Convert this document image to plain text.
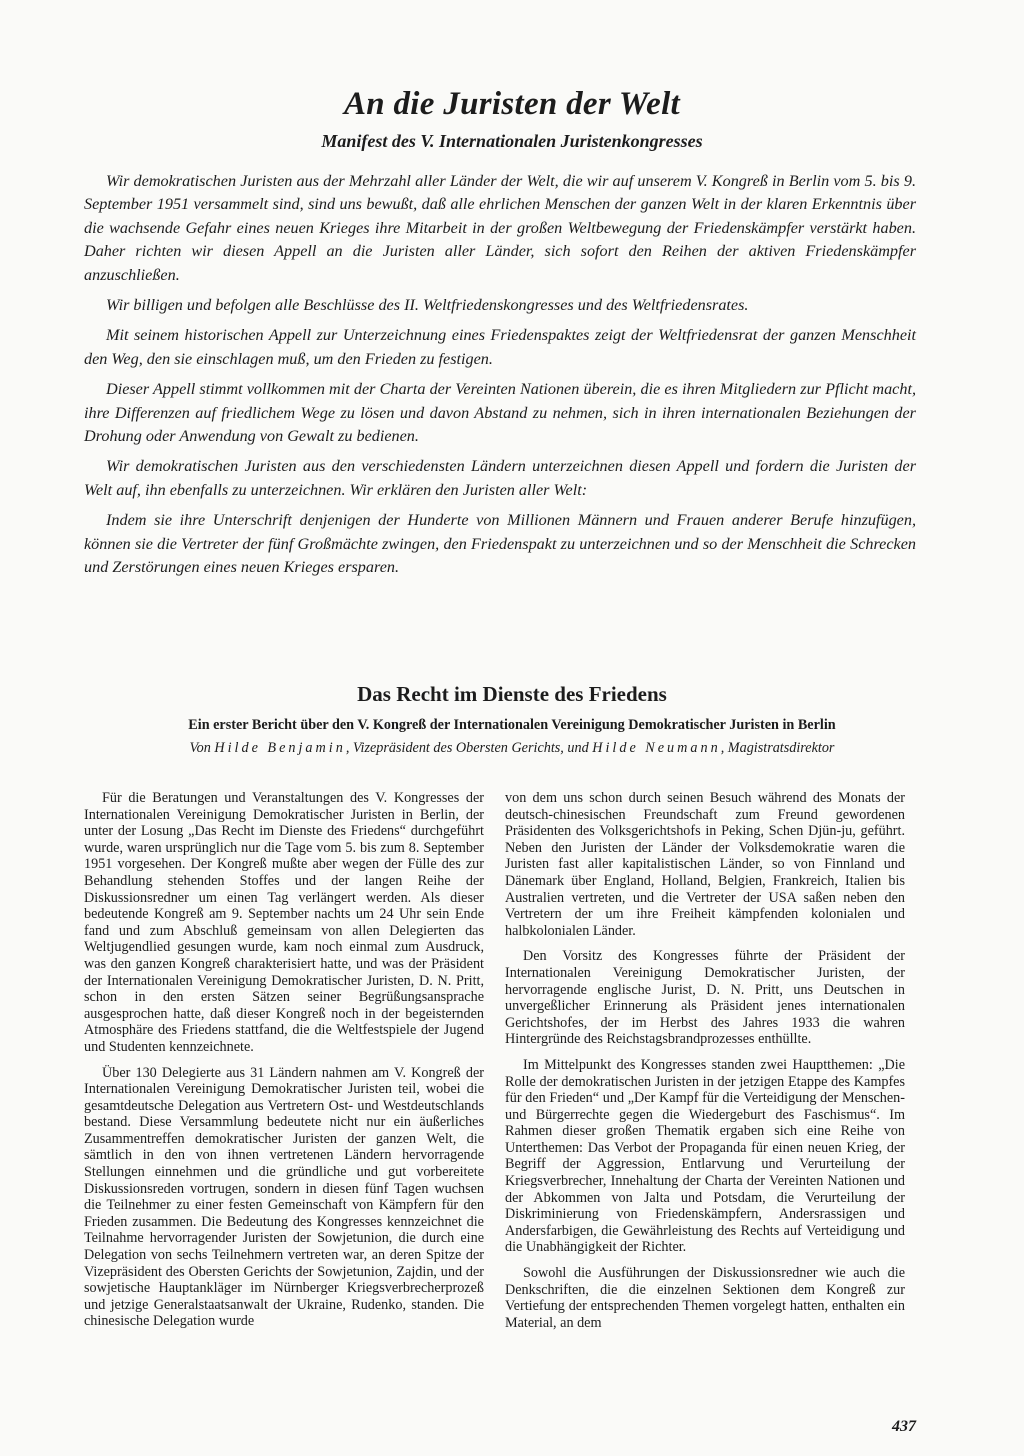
An die Juristen der Welt
Manifest des V. Internationalen Juristenkongresses

Wir demokratischen Juristen aus der Mehrzahl aller Länder der Welt, die wir auf unserem V. Kongreß in Berlin vom 5. bis 9. September 1951 versammelt sind, sind uns bewußt, daß alle ehrlichen Menschen der ganzen Welt in der klaren Erkenntnis über die wachsende Gefahr eines neuen Krieges ihre Mitarbeit in der großen Weltbewegung der Friedenskämpfer verstärkt haben. Daher richten wir diesen Appell an die Juristen aller Länder, sich sofort den Reihen der aktiven Friedenskämpfer anzuschließen.

Wir billigen und befolgen alle Beschlüsse des II. Weltfriedenskongresses und des Weltfriedensrates.

Mit seinem historischen Appell zur Unterzeichnung eines Friedenspaktes zeigt der Weltfriedensrat der ganzen Menschheit den Weg, den sie einschlagen muß, um den Frieden zu festigen.

Dieser Appell stimmt vollkommen mit der Charta der Vereinten Nationen überein, die es ihren Mitgliedern zur Pflicht macht, ihre Differenzen auf friedlichem Wege zu lösen und davon Abstand zu nehmen, sich in ihren internationalen Beziehungen der Drohung oder Anwendung von Gewalt zu bedienen.

Wir demokratischen Juristen aus den verschiedensten Ländern unterzeichnen diesen Appell und fordern die Juristen der Welt auf, ihn ebenfalls zu unterzeichnen. Wir erklären den Juristen aller Welt:

Indem sie ihre Unterschrift denjenigen der Hunderte von Millionen Männern und Frauen anderer Berufe hinzufügen, können sie die Vertreter der fünf Großmächte zwingen, den Friedenspakt zu unterzeichnen und so der Menschheit die Schrecken und Zerstörungen eines neuen Krieges ersparen.

Das Recht im Dienste des Friedens

Ein erster Bericht über den V. Kongreß der Internationalen Vereinigung Demokratischer Juristen in Berlin

Von Hilde Benjamin, Vizepräsident des Obersten Gerichts, und Hilde Neumann, Magistratsdirektor

Für die Beratungen und Veranstaltungen des V. Kongresses der Internationalen Vereinigung Demokratischer Juristen in Berlin, der unter der Losung „Das Recht im Dienste des Friedens“ durchgeführt wurde, waren ursprünglich nur die Tage vom 5. bis zum 8. September 1951 vorgesehen. Der Kongreß mußte aber wegen der Fülle des zur Behandlung stehenden Stoffes und der langen Reihe der Diskussionsredner um einen Tag verlängert werden. Als dieser bedeutende Kongreß am 9. September nachts um 24 Uhr sein Ende fand und zum Abschluß gemeinsam von allen Delegierten das Weltjugendlied gesungen wurde, kam noch einmal zum Ausdruck, was den ganzen Kongreß charakterisiert hatte, und was der Präsident der Internationalen Vereinigung Demokratischer Juristen, D. N. Pritt, schon in den ersten Sätzen seiner Begrüßungsansprache ausgesprochen hatte, daß dieser Kongreß noch in der begeisternden Atmosphäre des Friedens stattfand, die die Weltfestspiele der Jugend und Studenten kennzeichnete.

Über 130 Delegierte aus 31 Ländern nahmen am V. Kongreß der Internationalen Vereinigung Demokratischer Juristen teil, wobei die gesamtdeutsche Delegation aus Vertretern Ost- und Westdeutschlands bestand. Diese Versammlung bedeutete nicht nur ein äußerliches Zusammentreffen demokratischer Juristen der ganzen Welt, die sämtlich in den von ihnen vertretenen Ländern hervorragende Stellungen einnehmen und die gründliche und gut vorbereitete Diskussionsreden vortrugen, sondern in diesen fünf Tagen wuchsen die Teilnehmer zu einer festen Gemeinschaft von Kämpfern für den Frieden zusammen. Die Bedeutung des Kongresses kennzeichnet die Teilnahme hervorragender Juristen der Sowjetunion, die durch eine Delegation von sechs Teilnehmern vertreten war, an deren Spitze der Vizepräsident des Obersten Gerichts der Sowjetunion, Zajdin, und der sowjetische Hauptankläger im Nürnberger Kriegsverbrecherprozeß und jetzige Generalstaatsanwalt der Ukraine, Rudenko, standen. Die chinesische Delegation wurde

von dem uns schon durch seinen Besuch während des Monats der deutsch-chinesischen Freundschaft zum Freund gewordenen Präsidenten des Volksgerichtshofs in Peking, Schen Djün-ju, geführt. Neben den Juristen der Länder der Volksdemokratie waren die Juristen fast aller kapitalistischen Länder, so von Finnland und Dänemark über England, Holland, Belgien, Frankreich, Italien bis Australien vertreten, und die Vertreter der USA saßen neben den Vertretern der um ihre Freiheit kämpfenden kolonialen und halbkolonialen Länder.

Den Vorsitz des Kongresses führte der Präsident der Internationalen Vereinigung Demokratischer Juristen, der hervorragende englische Jurist, D. N. Pritt, uns Deutschen in unvergeßlicher Erinnerung als Präsident jenes internationalen Gerichtshofes, der im Herbst des Jahres 1933 die wahren Hintergründe des Reichstagsbrandprozesses enthüllte.

Im Mittelpunkt des Kongresses standen zwei Hauptthemen: „Die Rolle der demokratischen Juristen in der jetzigen Etappe des Kampfes für den Frieden“ und „Der Kampf für die Verteidigung der Menschen- und Bürgerrechte gegen die Wiedergeburt des Faschismus“. Im Rahmen dieser großen Thematik ergaben sich eine Reihe von Unterthemen: Das Verbot der Propaganda für einen neuen Krieg, der Begriff der Aggression, Entlarvung und Verurteilung der Kriegsverbrecher, Innehaltung der Charta der Vereinten Nationen und der Abkommen von Jalta und Potsdam, die Verurteilung der Diskriminierung von Friedenskämpfern, Andersrassigen und Andersfarbigen, die Gewährleistung des Rechts auf Verteidigung und die Unabhängigkeit der Richter.

Sowohl die Ausführungen der Diskussionsredner wie auch die Denkschriften, die die einzelnen Sektionen dem Kongreß zur Vertiefung der entsprechenden Themen vorgelegt hatten, enthalten ein Material, an dem

437
